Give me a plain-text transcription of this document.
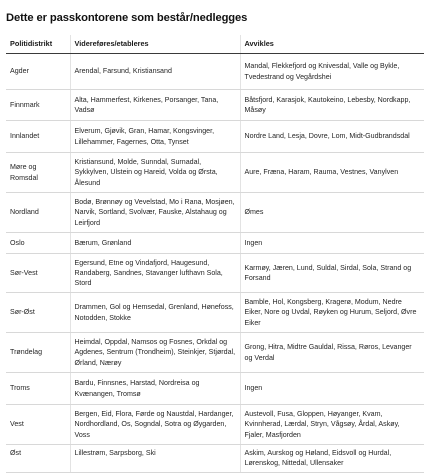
Dette er passkontorene som består/nedlegges
Politidistrikt	Videreføres/etableres	Avvikles
Agder	Arendal, Farsund, Kristiansand	Mandal, Flekkefjord og Knivesdal, Valle og Bykle, Tvedestrand og Vegårdshei
Finnmark	Alta, Hammerfest, Kirkenes, Porsanger, Tana, Vadsø	Båtsfjord, Karasjok, Kautokeino, Lebesby, Nordkapp, Måsøy
Innlandet	Elverum, Gjøvik, Gran, Hamar, Kongsvinger, Lillehammer, Fagernes, Otta, Tynset	Nordre Land, Lesja, Dovre, Lom, Midt-Gudbrandsdal
Møre og Romsdal	Kristiansund, Molde, Sunndal, Surnadal, Sykkylven, Ulstein og Hareid, Volda og Ørsta, Ålesund	Aure, Fræna, Haram, Rauma, Vestnes, Vanylven
Nordland	Bodø, Brønnøy og Vevelstad, Mo i Rana, Mosjøen, Narvik, Sortland, Svolvær, Fauske, Alstahaug og Leirfjord	Ømes
Oslo	Bærum, Grønland	Ingen
Sør-Vest	Egersund, Etne og Vindafjord, Haugesund, Randaberg, Sandnes, Stavanger lufthavn Sola, Stord	Karmøy, Jæren, Lund, Suldal, Sirdal, Sola, Strand og Forsand
Sør-Øst	Drammen, Gol og Hemsedal, Grenland, Hønefoss, Notodden, Stokke	Bamble, Hol, Kongsberg, Kragerø, Modum, Nedre Eiker, Nore og Uvdal, Røyken og Hurum, Seljord, Øvre Eiker
Trøndelag	Heimdal, Oppdal, Namsos og Fosnes, Orkdal og Agdenes, Sentrum (Trondheim), Steinkjer, Stjørdal, Ørland, Nærøy	Grong, Hitra, Midtre Gauldal, Rissa, Røros, Levanger og Verdal
Troms	Bardu, Finnsnes, Harstad, Nordreisa og Kvænangen, Tromsø	Ingen
Vest	Bergen, Eid, Flora, Førde og Naustdal, Hardanger, Nordhordland, Os, Sogndal, Sotra og Øygarden, Voss	Austevoll, Fusa, Gloppen, Høyanger, Kvam, Kvinnherad, Lærdal, Stryn, Vågsøy, Årdal, Askøy, Fjaler, Masfjorden
Øst	Lillestrøm, Sarpsborg, Ski	Askim, Aurskog og Høland, Eidsvoll og Hurdal, Lørenskog, Nittedal, Ullensaker
